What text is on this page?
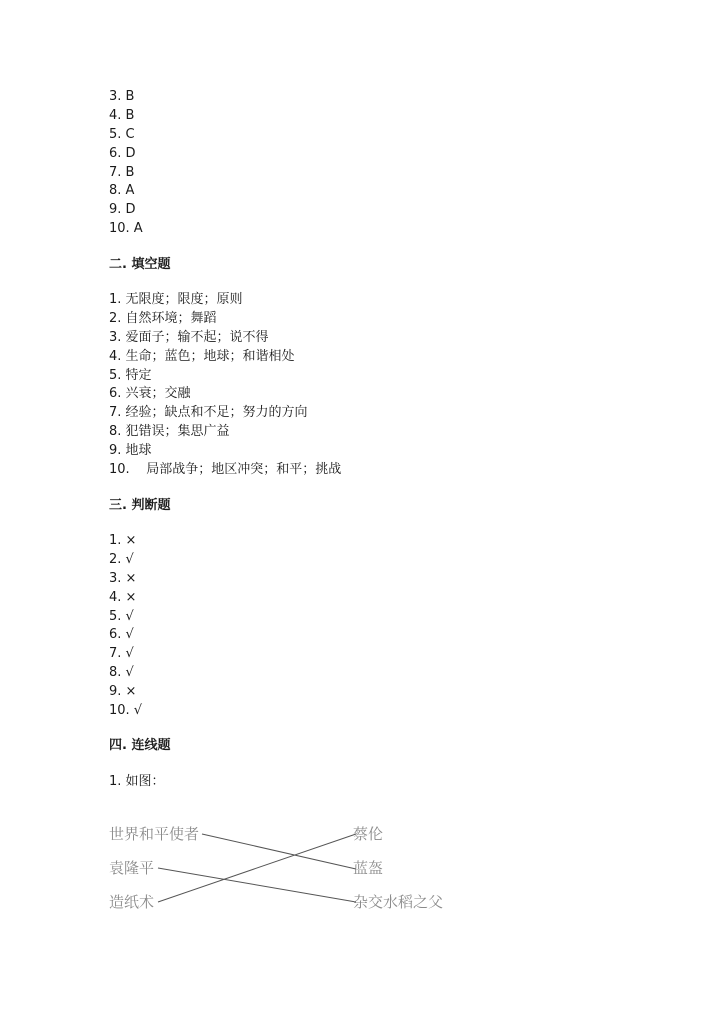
3. B
4. B
5. C
6. D
7. B
8. A
9. D
10. A
二. 填空题
1. 无限度；限度；原则
2. 自然环境；舞蹈
3. 爱面子；输不起；说不得
4. 生命；蓝色；地球；和谐相处
5. 特定
6. 兴衰；交融
7. 经验；缺点和不足；努力的方向
8. 犯错误；集思广益
9. 地球
10.    局部战争；地区冲突；和平；挑战
三. 判断题
1. ×
2. √
3. ×
4. ×
5. √
6. √
7. √
8. √
9. ×
10. √
四. 连线题
1. 如图：
世界和平使者
袁隆平
造纸术
蔡伦
蓝盔
杂交水稻之父
